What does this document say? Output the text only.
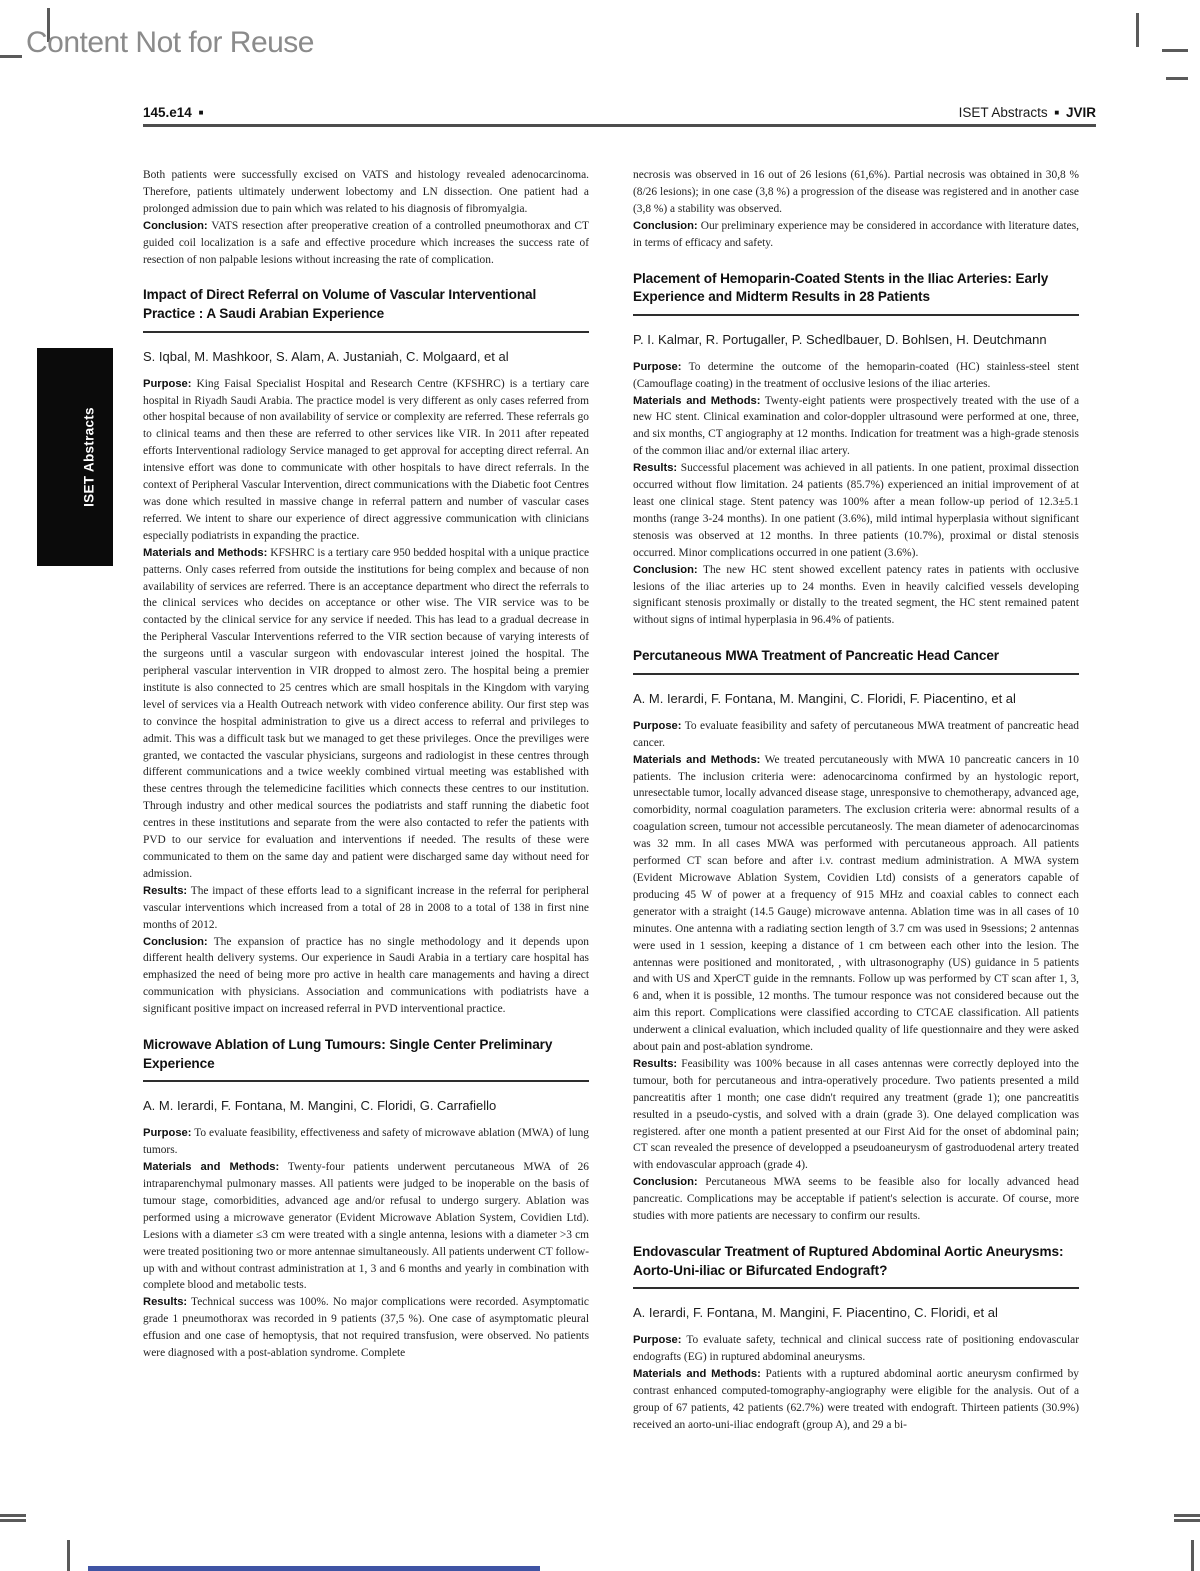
Content Not for Reuse
145.e14 ■	ISET Abstracts ■ JVIR
ISET Abstracts

Both patients were successfully excised on VATS and histology revealed adenocarcinoma. Therefore, patients ultimately underwent lobectomy and LN dissection. One patient had a prolonged admission due to pain which was related to his diagnosis of fibromyalgia.

Conclusion: VATS resection after preoperative creation of a controlled pneumothorax and CT guided coil localization is a safe and effective procedure which increases the success rate of resection of non palpable lesions without increasing the rate of complication.

Impact of Direct Referral on Volume of Vascular Interventional Practice : A Saudi Arabian Experience

S. Iqbal, M. Mashkoor, S. Alam, A. Justaniah, C. Molgaard, et al

Purpose: King Faisal Specialist Hospital and Research Centre (KFSHRC) is a tertiary care hospital in Riyadh Saudi Arabia. The practice model is very different as only cases referred from other hospital because of non availability of service or complexity are referred. These referrals go to clinical teams and then these are referred to other services like VIR. In 2011 after repeated efforts Interventional radiology Service managed to get approval for accepting direct referral. An intensive effort was done to communicate with other hospitals to have direct referrals. In the context of Peripheral Vascular Intervention, direct communications with the Diabetic foot Centres was done which resulted in massive change in referral pattern and number of vascular cases referred. We intent to share our experience of direct aggressive communication with clinicians especially podiatrists in expanding the practice.

Materials and Methods: KFSHRC is a tertiary care 950 bedded hospital with a unique practice patterns. Only cases referred from outside the institutions for being complex and because of non availability of services are referred. There is an acceptance department who direct the referrals to the clinical services who decides on acceptance or other wise. The VIR service was to be contacted by the clinical service for any service if needed. This has lead to a gradual decrease in the Peripheral Vascular Interventions referred to the VIR section because of varying interests of the surgeons until a vascular surgeon with endovascular interest joined the hospital. The peripheral vascular intervention in VIR dropped to almost zero. The hospital being a premier institute is also connected to 25 centres which are small hospitals in the Kingdom with varying level of services via a Health Outreach network with video conference ability. Our first step was to convince the hospital administration to give us a direct access to referral and privileges to admit. This was a difficult task but we managed to get these privileges. Once the previliges were granted, we contacted the vascular physicians, surgeons and radiologist in these centres through different communications and a twice weekly combined virtual meeting was established with these centres through the telemedicine facilities which connects these centres to our institution. Through industry and other medical sources the podiatrists and staff running the diabetic foot centres in these institutions and separate from the were also contacted to refer the patients with PVD to our service for evaluation and interventions if needed. The results of these were communicated to them on the same day and patient were discharged same day without need for admission.

Results: The impact of these efforts lead to a significant increase in the referral for peripheral vascular interventions which increased from a total of 28 in 2008 to a total of 138 in first nine months of 2012.

Conclusion: The expansion of practice has no single methodology and it depends upon different health delivery systems. Our experience in Saudi Arabia in a tertiary care hospital has emphasized the need of being more pro active in health care managements and having a direct communication with physicians. Association and communications with podiatrists have a significant positive impact on increased referral in PVD interventional practice.

Microwave Ablation of Lung Tumours: Single Center Preliminary Experience

A. M. Ierardi, F. Fontana, M. Mangini, C. Floridi, G. Carrafiello

Purpose: To evaluate feasibility, effectiveness and safety of microwave ablation (MWA) of lung tumors.

Materials and Methods: Twenty-four patients underwent percutaneous MWA of 26 intraparenchymal pulmonary masses. All patients were judged to be inoperable on the basis of tumour stage, comorbidities, advanced age and/or refusal to undergo surgery. Ablation was performed using a microwave generator (Evident Microwave Ablation System, Covidien Ltd). Lesions with a diameter ≤3 cm were treated with a single antenna, lesions with a diameter >3 cm were treated positioning two or more antennae simultaneously. All patients underwent CT follow-up with and without contrast administration at 1, 3 and 6 months and yearly in combination with complete blood and metabolic tests.

Results: Technical success was 100%. No major complications were recorded. Asymptomatic grade 1 pneumothorax was recorded in 9 patients (37,5 %). One case of asymptomatic pleural effusion and one case of hemoptysis, that not required transfusion, were observed. No patients were diagnosed with a post-ablation syndrome. Complete

necrosis was observed in 16 out of 26 lesions (61,6%). Partial necrosis was obtained in 30,8 % (8/26 lesions); in one case (3,8 %) a progression of the disease was registered and in another case (3,8 %) a stability was observed.

Conclusion: Our preliminary experience may be considered in accordance with literature dates, in terms of efficacy and safety.

Placement of Hemoparin-Coated Stents in the Iliac Arteries: Early Experience and Midterm Results in 28 Patients

P. I. Kalmar, R. Portugaller, P. Schedlbauer, D. Bohlsen, H. Deutchmann

Purpose: To determine the outcome of the hemoparin-coated (HC) stainless-steel stent (Camouflage coating) in the treatment of occlusive lesions of the iliac arteries.

Materials and Methods: Twenty-eight patients were prospectively treated with the use of a new HC stent. Clinical examination and color-doppler ultrasound were performed at one, three, and six months, CT angiography at 12 months. Indication for treatment was a high-grade stenosis of the common iliac and/or external iliac artery.

Results: Successful placement was achieved in all patients. In one patient, proximal dissection occurred without flow limitation. 24 patients (85.7%) experienced an initial improvement of at least one clinical stage. Stent patency was 100% after a mean follow-up period of 12.3±5.1 months (range 3-24 months). In one patient (3.6%), mild intimal hyperplasia without significant stenosis was observed at 12 months. In three patients (10.7%), proximal or distal stenosis occurred. Minor complications occurred in one patient (3.6%).

Conclusion: The new HC stent showed excellent patency rates in patients with occlusive lesions of the iliac arteries up to 24 months. Even in heavily calcified vessels developing significant stenosis proximally or distally to the treated segment, the HC stent remained patent without signs of intimal hyperplasia in 96.4% of patients.

Percutaneous MWA Treatment of Pancreatic Head Cancer

A. M. Ierardi, F. Fontana, M. Mangini, C. Floridi, F. Piacentino, et al

Purpose: To evaluate feasibility and safety of percutaneous MWA treatment of pancreatic head cancer.

Materials and Methods: We treated percutaneously with MWA 10 pancreatic cancers in 10 patients. The inclusion criteria were: adenocarcinoma confirmed by an hystologic report, unresectable tumor, locally advanced disease stage, unresponsive to chemotherapy, advanced age, comorbidity, normal coagulation parameters. The exclusion criteria were: abnormal results of a coagulation screen, tumour not accessible percutaneosly. The mean diameter of adenocarcinomas was 32 mm. In all cases MWA was performed with percutaneous approach. All patients performed CT scan before and after i.v. contrast medium administration. A MWA system (Evident Microwave Ablation System, Covidien Ltd) consists of a generators capable of producing 45 W of power at a frequency of 915 MHz and coaxial cables to connect each generator with a straight (14.5 Gauge) microwave antenna. Ablation time was in all cases of 10 minutes. One antenna with a radiating section length of 3.7 cm was used in 9sessions; 2 antennas were used in 1 session, keeping a distance of 1 cm between each other into the lesion. The antennas were positioned and monitorated, , with ultrasonography (US) guidance in 5 patients and with US and XperCT guide in the remnants. Follow up was performed by CT scan after 1, 3, 6 and, when it is possible, 12 months. The tumour responce was not considered because out the aim this report. Complications were classified according to CTCAE classification. All patients underwent a clinical evaluation, which included quality of life questionnaire and they were asked about pain and post-ablation syndrome.

Results: Feasibility was 100% because in all cases antennas were correctly deployed into the tumour, both for percutaneous and intra-operatively procedure. Two patients presented a mild pancreatitis after 1 month; one case didn't required any treatment (grade 1); one pancreatitis resulted in a pseudo-cystis, and solved with a drain (grade 3). One delayed complication was registered. after one month a patient presented at our First Aid for the onset of abdominal pain; CT scan revealed the presence of developped a pseudoaneurysm of gastroduodenal artery treated with endovascular approach (grade 4).

Conclusion: Percutaneous MWA seems to be feasible also for locally advanced head pancreatic. Complications may be acceptable if patient's selection is accurate. Of course, more studies with more patients are necessary to confirm our results.

Endovascular Treatment of Ruptured Abdominal Aortic Aneurysms: Aorto-Uni-iliac or Bifurcated Endograft?

A. Ierardi, F. Fontana, M. Mangini, F. Piacentino, C. Floridi, et al

Purpose: To evaluate safety, technical and clinical success rate of positioning endovascular endografts (EG) in ruptured abdominal aneurysms.

Materials and Methods: Patients with a ruptured abdominal aortic aneurysm confirmed by contrast enhanced computed-tomography-angiography were eligible for the analysis. Out of a group of 67 patients, 42 patients (62.7%) were treated with endograft. Thirteen patients (30.9%) received an aorto-uni-iliac endograft (group A), and 29 a bi-
